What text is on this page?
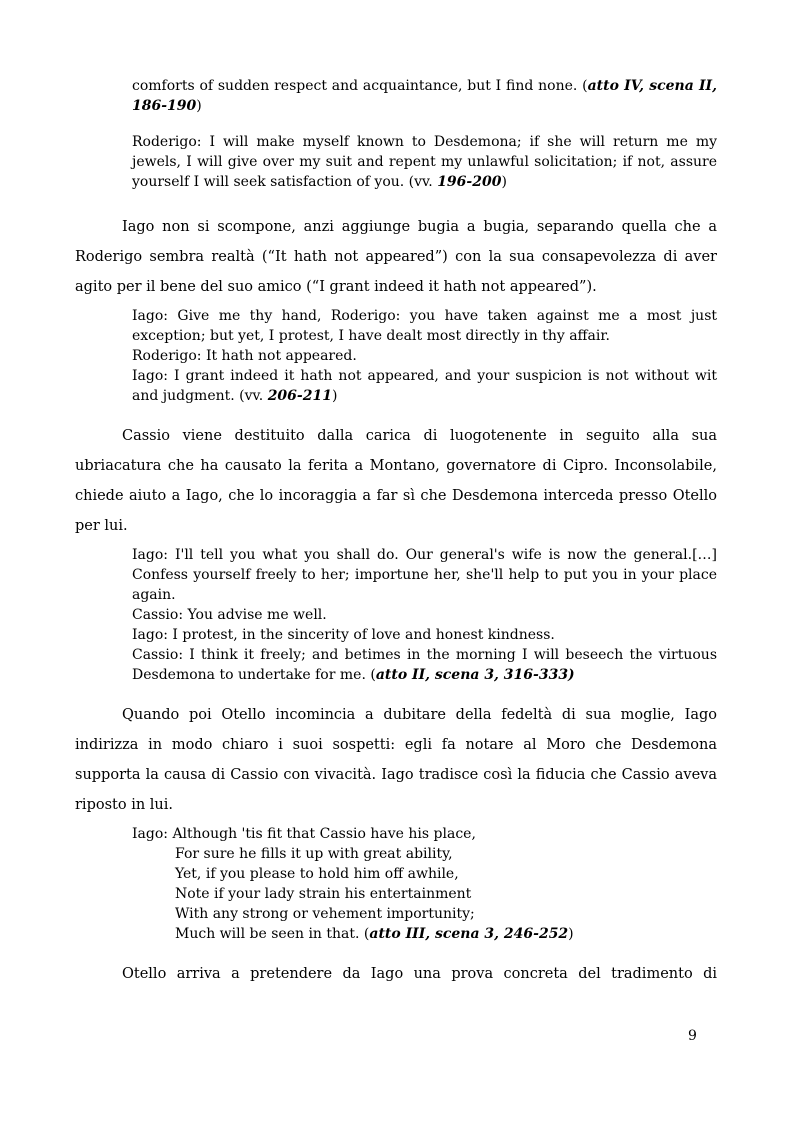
comforts of sudden respect and acquaintance, but I find none. (atto IV, scena II, 186-190)

Roderigo: I will make myself known to Desdemona; if she will return me my jewels, I will give over my suit and repent my unlawful solicitation; if not, assure yourself I will seek satisfaction of you. (vv. 196-200)

Iago non si scompone, anzi aggiunge bugia a bugia, separando quella che a Roderigo sembra realtà (“It hath not appeared”) con la sua consapevolezza di aver agito per il bene del suo amico (“I grant indeed it hath not appeared”).

Iago: Give me thy hand, Roderigo: you have taken against me a most just exception; but yet, I protest, I have dealt most directly in thy affair.

Roderigo: It hath not appeared.

Iago: I grant indeed it hath not appeared, and your suspicion is not without wit and judgment. (vv. 206-211)

Cassio viene destituito dalla carica di luogotenente in seguito alla sua ubriacatura che ha causato la ferita a Montano, governatore di Cipro. Inconsolabile, chiede aiuto a Iago, che lo incoraggia a far sì che Desdemona interceda presso Otello per lui.

Iago: I'll tell you what you shall do. Our general's wife is now the general.[…] Confess yourself freely to her; importune her, she'll help to put you in your place again.

Cassio: You advise me well.

Iago: I protest, in the sincerity of love and honest kindness.

Cassio: I think it freely; and betimes in the morning I will beseech the virtuous Desdemona to undertake for me. (atto II, scena 3, 316-333)

Quando poi Otello incomincia a dubitare della fedeltà di sua moglie, Iago indirizza in modo chiaro i suoi sospetti: egli fa notare al Moro che Desdemona supporta la causa di Cassio con vivacità. Iago tradisce così la fiducia che Cassio aveva riposto in lui.

Iago: Although 'tis fit that Cassio have his place,
For sure he fills it up with great ability,
Yet, if you please to hold him off awhile,
Note if your lady strain his entertainment
With any strong or vehement importunity;
Much will be seen in that. (atto III, scena 3, 246-252)

Otello arriva a pretendere da Iago una prova concreta del tradimento di

9
